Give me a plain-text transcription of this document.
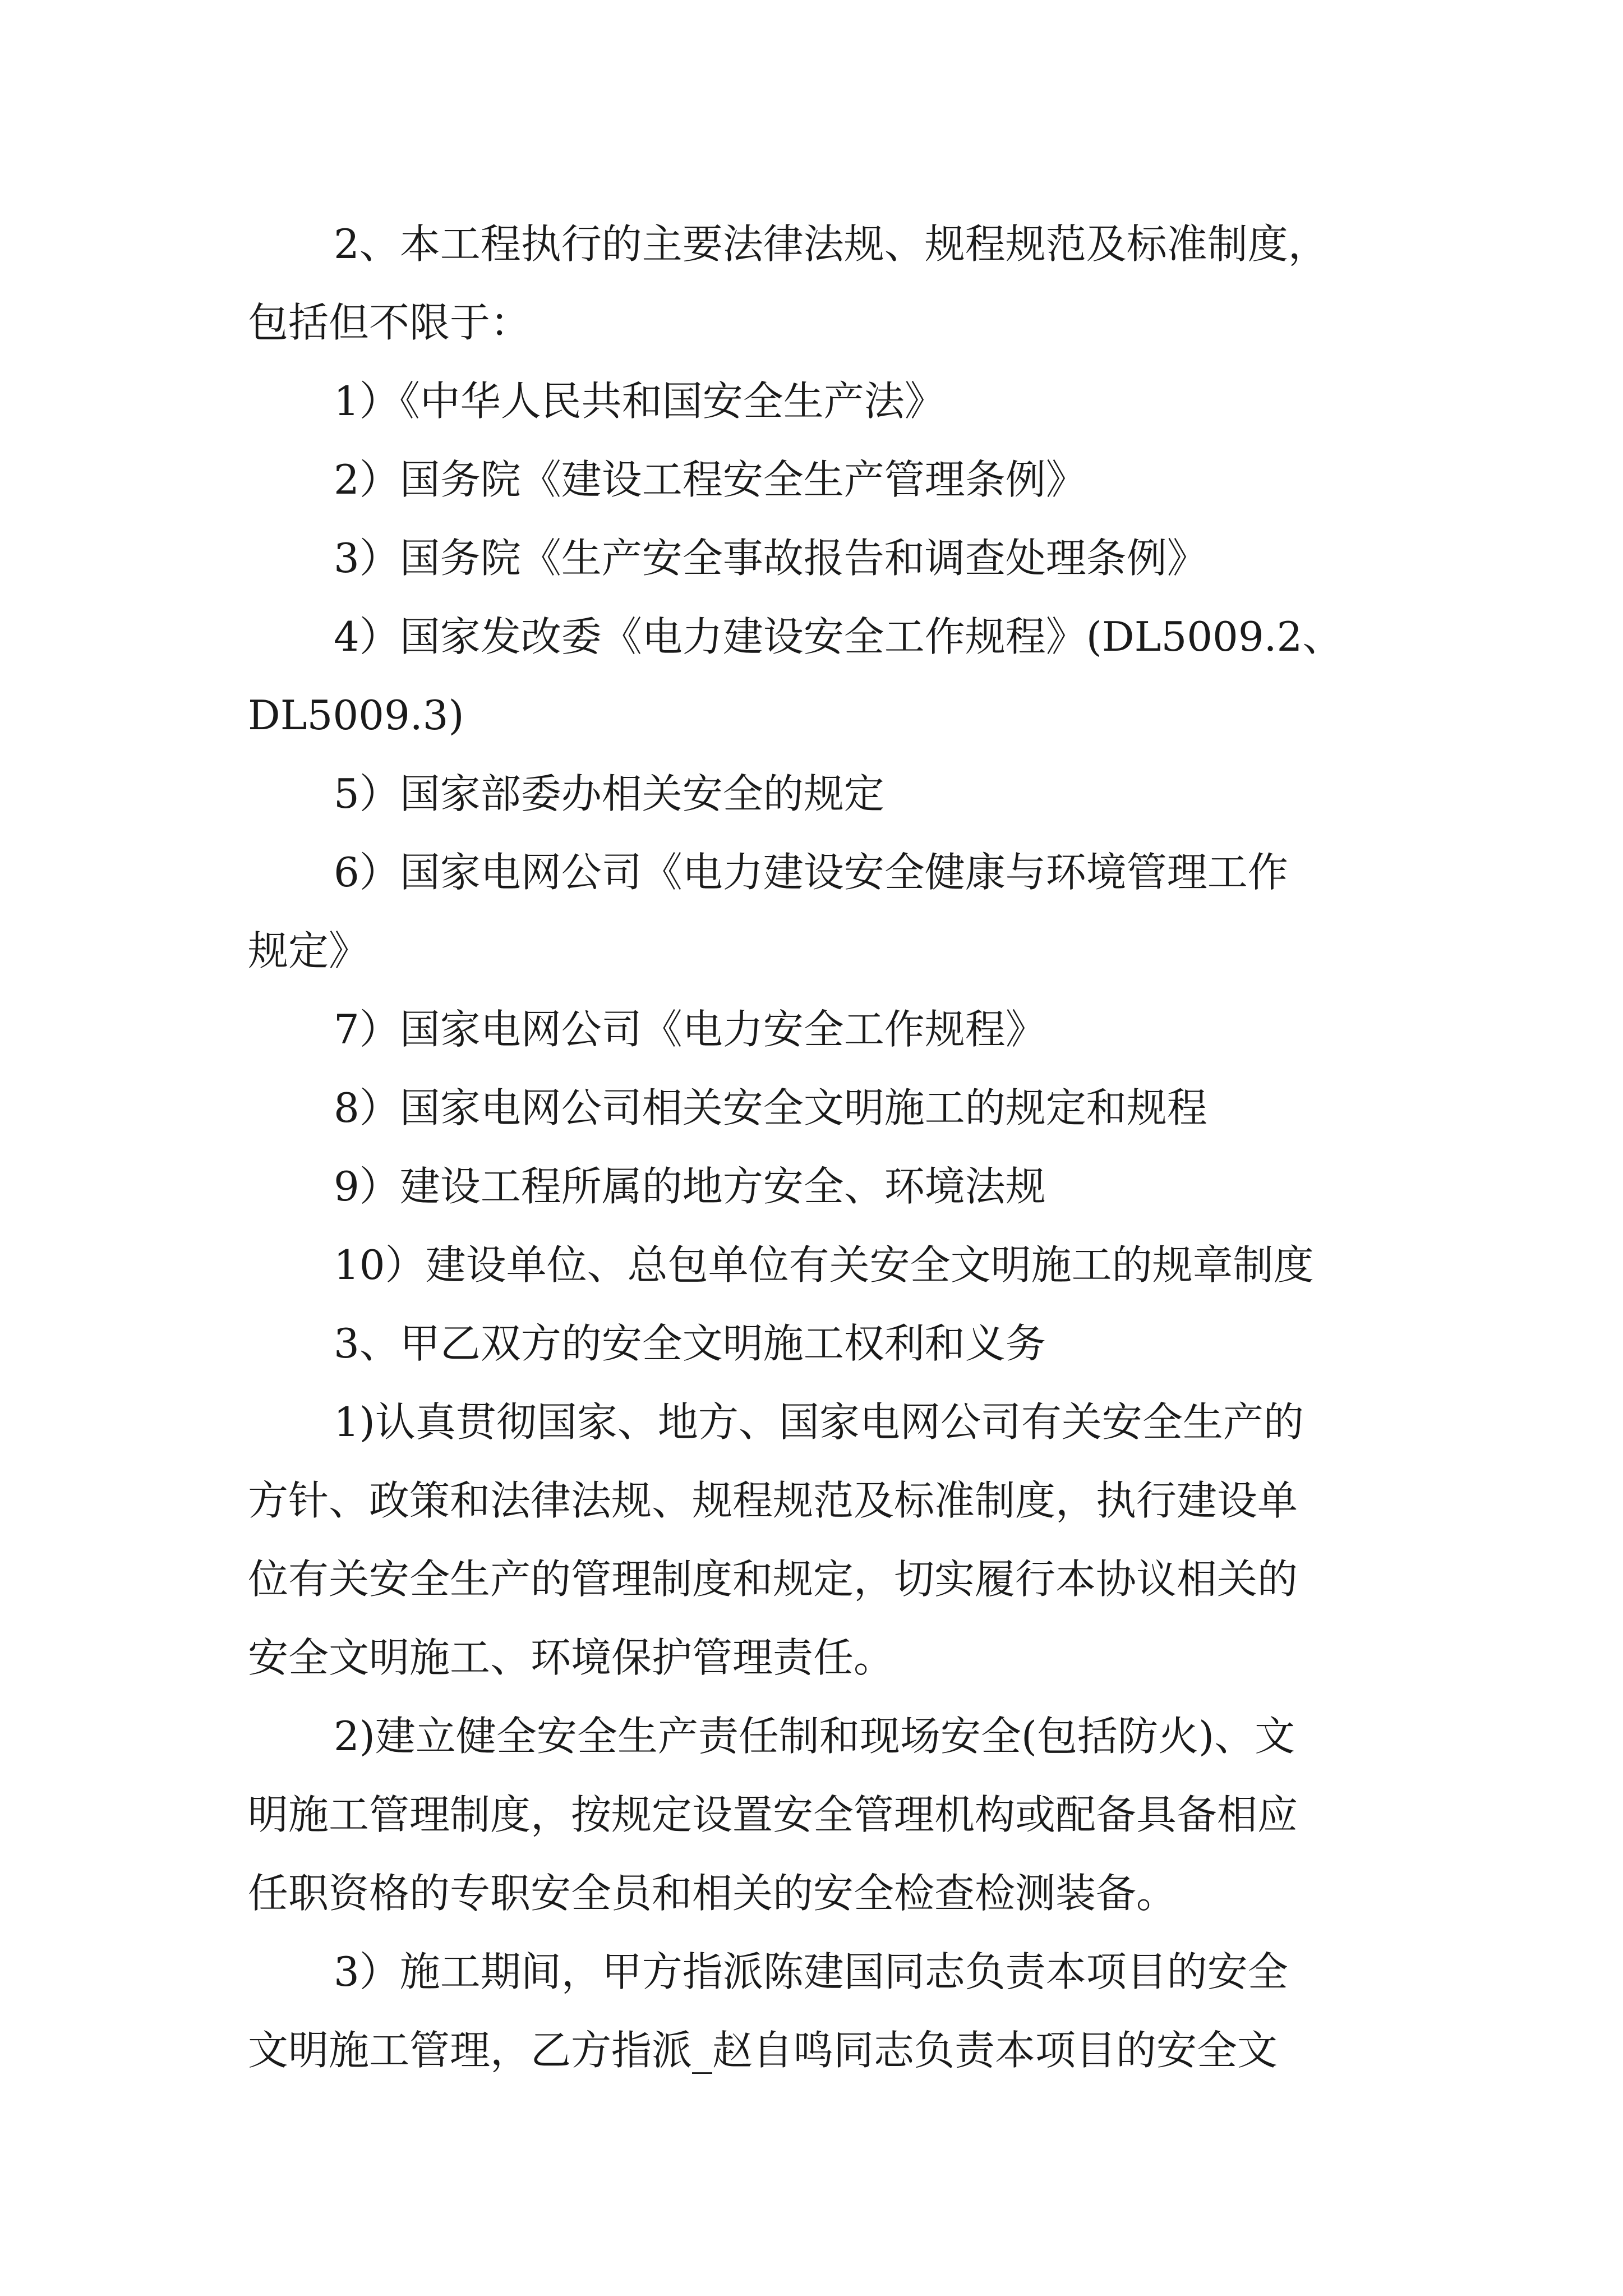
2、本工程执行的主要法律法规、规程规范及标准制度，

包括但不限于：

1）《中华人民共和国安全生产法》

2）国务院《建设工程安全生产管理条例》

3）国务院《生产安全事故报告和调查处理条例》

4）国家发改委《电力建设安全工作规程》(DL5009.2、

DL5009.3)

5）国家部委办相关安全的规定

6）国家电网公司《电力建设安全健康与环境管理工作

规定》

7）国家电网公司《电力安全工作规程》

8）国家电网公司相关安全文明施工的规定和规程

9）建设工程所属的地方安全、环境法规

10）建设单位、总包单位有关安全文明施工的规章制度

3、甲乙双方的安全文明施工权利和义务

1)认真贯彻国家、地方、国家电网公司有关安全生产的

方针、政策和法律法规、规程规范及标准制度，执行建设单

位有关安全生产的管理制度和规定，切实履行本协议相关的

安全文明施工、环境保护管理责任。

2)建立健全安全生产责任制和现场安全(包括防火)、文

明施工管理制度，按规定设置安全管理机构或配备具备相应

任职资格的专职安全员和相关的安全检查检测装备。

3）施工期间，甲方指派陈建国同志负责本项目的安全

文明施工管理，乙方指派_赵自鸣同志负责本项目的安全文
